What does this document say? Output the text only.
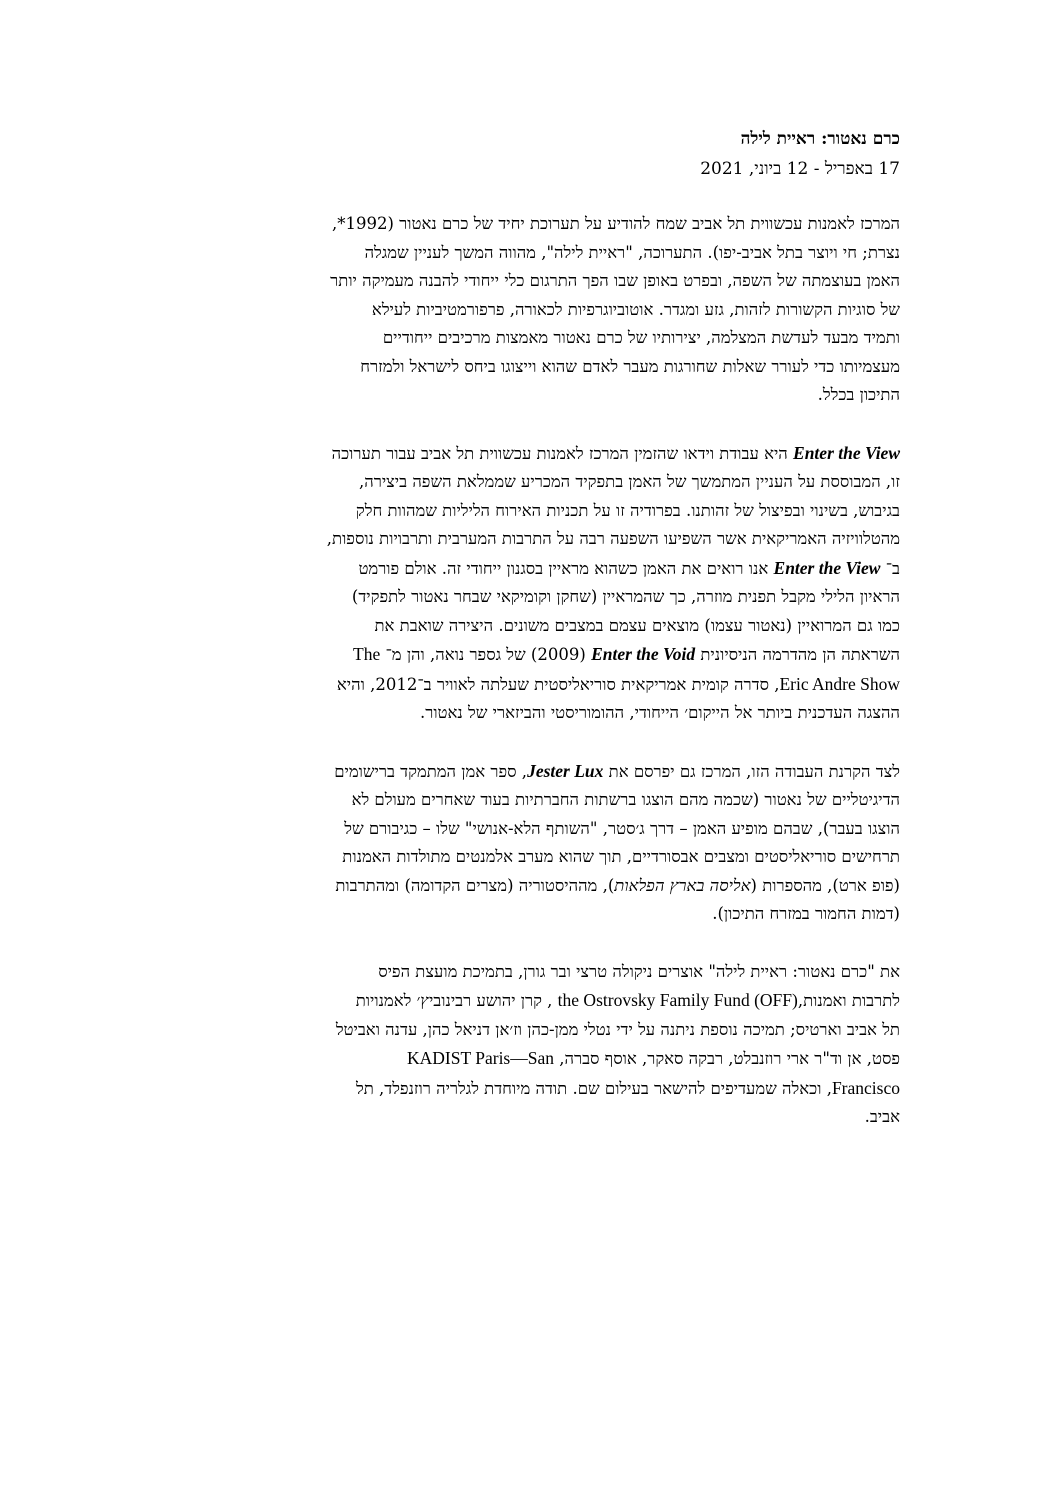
כרם נאטור: ראיית לילה

17 באפריל - 12 ביוני, 2021

המרכז לאמנות עכשווית תל אביב שמח להודיע על תערוכת יחיד של כרם נאטור (1992*,
נצרת; חי ויוצר בתל אביב-יפו). התערוכה, "ראיית לילה", מהווה המשך לעניין שמגלה
האמן בעוצמתה של השפה, ובפרט באופן שבו הפך התרגום כלי ייחודי להבנה מעמיקה יותר
של סוגיות הקשורות לזהות, גזע ומגדר. אוטוביוגרפיות לכאורה, פרפורמטיביות לעילא
ותמיד מבעד לעדשת המצלמה, יצירותיו של כרם נאטור מאמצות מרכיבים ייחודיים
מעצמיותו כדי לעורר שאלות שחורגות מעבר לאדם שהוא וייצוגו ביחס לישראל ולמזרח
התיכון בכלל.
Enter the View היא עבודת וידאו שהזמין המרכז לאמנות עכשווית תל אביב עבור תערוכה
זו, המבוססת על העניין המתמשך של האמן בתפקיד המכריע שממלאת השפה ביצירה,
בגיבוש, בשינוי ובפיצול של זהותנו. בפרודיה זו על תכניות האירוח הליליות שמהוות חלק
מהטלוויזיה האמריקאית אשר השפיעו השפעה רבה על התרבות המערבית ותרבויות נוספות,
ב־ Enter the View אנו רואים את האמן כשהוא מראיין בסגנון ייחודי זה. אולם פורמט
הראיון הלילי מקבל תפנית מוזרה, כך שהמראיין (שחקן וקומיקאי שבחר נאטור לתפקיד)
כמו גם המרואיין (נאטור עצמו) מוצאים עצמם במצבים משונים. היצירה שואבת את
השראתה הן מהדרמה הניסיונית Enter the Void (2009) של גספר נואה, והן מ־ The
Eric Andre Show, סדרה קומית אמריקאית סוריאליסטית שעלתה לאוויר ב־2012, והיא
ההצגה העדכנית ביותר אל הייקום׳ הייחודי, ההומוריסטי והביזארי של נאטור.
לצד הקרנת העבודה הזו, המרכז גם יפרסם את Jester Lux, ספר אמן המתמקד ברישומים
הדיגיטליים של נאטור (שכמה מהם הוצגו ברשתות החברתיות בעוד שאחרים מעולם לא
הוצגו בעבר), שבהם מופיע האמן – דרך ג׳סטר, "השותף הלא-אנושי" שלו – כגיבורם של
תרחישים סוריאליסטים ומצבים אבסורדיים, תוך שהוא מערב אלמנטים מתולדות האמנות
(פופ ארט), מהספרות (אליסה בארץ הפלאות), מההיסטוריה (מצרים הקדומה) ומהתרבות
(דמות החמור במזרח התיכון).
את "כרם נאטור: ראיית לילה" אוצרים ניקולה טרצי ובר גורן, בתמיכת מועצת הפיס
לתרבות ואמנות,the Ostrovsky Family Fund (OFF) , קרן יהושע רבינוביץ׳ לאמנויות
תל אביב וארטיס; תמיכה נוספת ניתנה על ידי נטלי ממן-כהן וז׳אן דניאל כהן, עדנה ואביטל
פסט, אן וד"ר ארי רוזנבלט, רבקה סאקר, אוסף סברה, KADIST Paris—San
Francisco, וכאלה שמעדיפים להישאר בעילום שם. תודה מיוחדת לגלריה רוזנפלד, תל
אביב.
